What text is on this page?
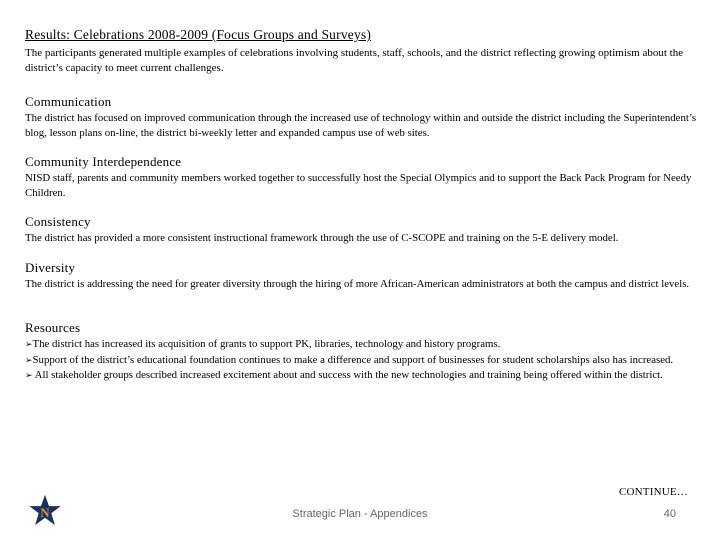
Results: Celebrations 2008-2009 (Focus Groups and Surveys)
The participants generated multiple examples of celebrations involving students, staff, schools, and the district reflecting growing optimism about the district’s capacity to meet current challenges.
Communication

The district has focused on improved communication through the increased use of technology within and outside the district including the Superintendent’s blog, lesson plans on-line, the district bi-weekly letter and expanded campus use of web sites.

Community Interdependence

NISD staff, parents and community members worked together to successfully host the Special Olympics and to support the Back Pack Program for Needy Children.

Consistency

The district has provided a more consistent instructional framework through the use of C-SCOPE and training on the 5-E delivery model.

Diversity

The district is addressing the need for greater diversity through the hiring of more African-American administrators at both the campus and district levels.

Resources

➢The district has increased its acquisition of grants to support PK, libraries, technology and history programs.
➢Support of the district’s educational foundation continues to make a difference and support of businesses for student scholarships also has increased.
➢ All stakeholder groups described increased excitement about and success with the new technologies and training being offered within the district.

CONTINUE…
N	Strategic Plan - Appendices	40
